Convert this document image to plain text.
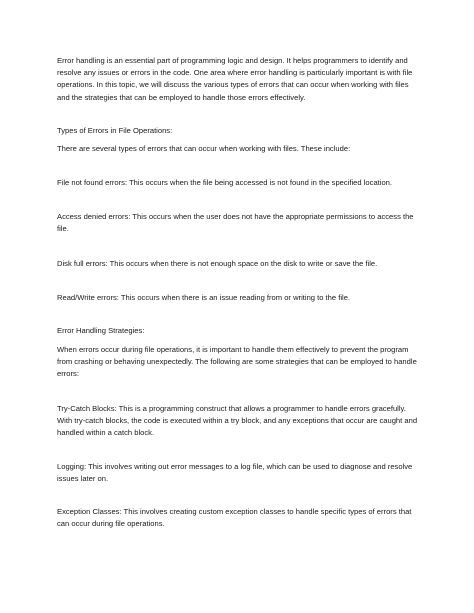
Error handling is an essential part of programming logic and design. It helps programmers to identify and resolve any issues or errors in the code. One area where error handling is particularly important is with file operations. In this topic, we will discuss the various types of errors that can occur when working with files and the strategies that can be employed to handle those errors effectively.

Types of Errors in File Operations:

There are several types of errors that can occur when working with files. These include:

File not found errors: This occurs when the file being accessed is not found in the specified location.

Access denied errors: This occurs when the user does not have the appropriate permissions to access the file.

Disk full errors: This occurs when there is not enough space on the disk to write or save the file.

Read/Write errors: This occurs when there is an issue reading from or writing to the file.

Error Handling Strategies:

When errors occur during file operations, it is important to handle them effectively to prevent the program from crashing or behaving unexpectedly. The following are some strategies that can be employed to handle errors:

Try-Catch Blocks: This is a programming construct that allows a programmer to handle errors gracefully. With try-catch blocks, the code is executed within a try block, and any exceptions that occur are caught and handled within a catch block.

Logging: This involves writing out error messages to a log file, which can be used to diagnose and resolve issues later on.

Exception Classes: This involves creating custom exception classes to handle specific types of errors that can occur during file operations.
